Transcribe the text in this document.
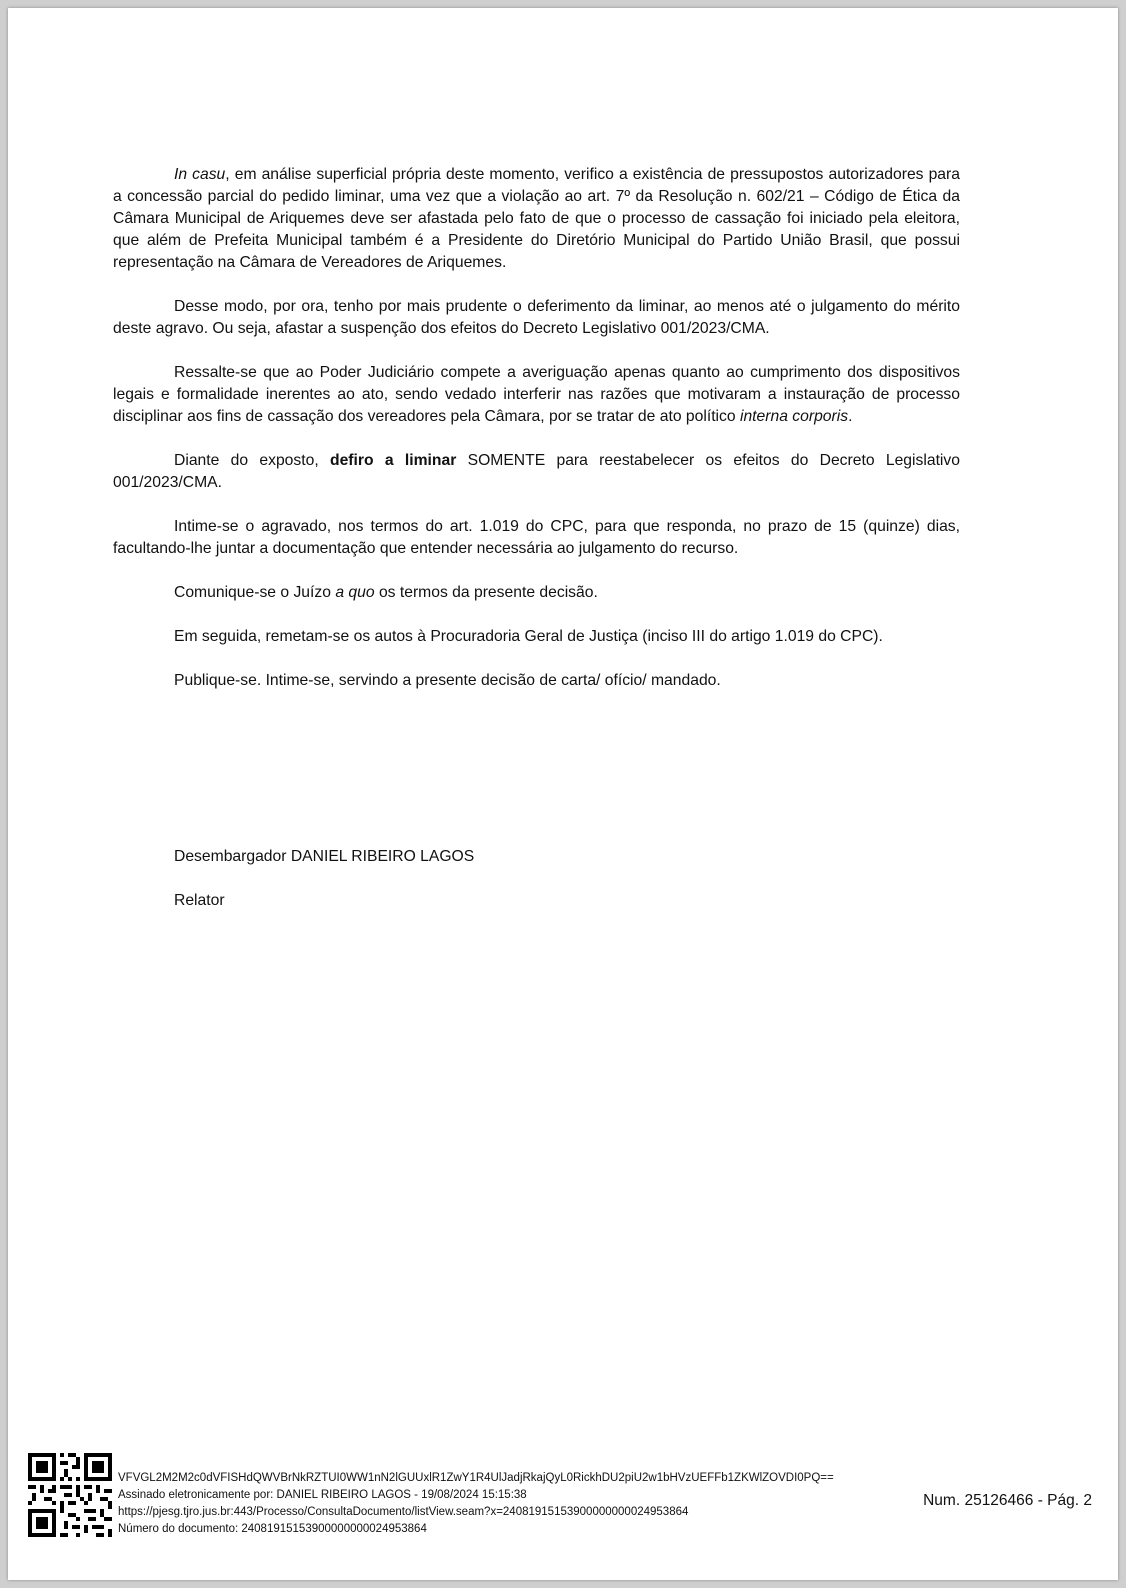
In casu, em análise superficial própria deste momento, verifico a existência de pressupostos autorizadores para a concessão parcial do pedido liminar, uma vez que a violação ao art. 7º da Resolução n. 602/21 – Código de Ética da Câmara Municipal de Ariquemes deve ser afastada pelo fato de que o processo de cassação foi iniciado pela eleitora, que além de Prefeita Municipal também é a Presidente do Diretório Municipal do Partido União Brasil, que possui representação na Câmara de Vereadores de Ariquemes.

Desse modo, por ora, tenho por mais prudente o deferimento da liminar, ao menos até o julgamento do mérito deste agravo. Ou seja, afastar a suspenção dos efeitos do Decreto Legislativo 001/2023/CMA.

Ressalte-se que ao Poder Judiciário compete a averiguação apenas quanto ao cumprimento dos dispositivos legais e formalidade inerentes ao ato, sendo vedado interferir nas razões que motivaram a instauração de processo disciplinar aos fins de cassação dos vereadores pela Câmara, por se tratar de ato político interna corporis.

Diante do exposto, defiro a liminar SOMENTE para reestabelecer os efeitos do Decreto Legislativo 001/2023/CMA.

Intime-se o agravado, nos termos do art. 1.019 do CPC, para que responda, no prazo de 15 (quinze) dias, facultando-lhe juntar a documentação que entender necessária ao julgamento do recurso.

Comunique-se o Juízo a quo os termos da presente decisão.

Em seguida, remetam-se os autos à Procuradoria Geral de Justiça (inciso III do artigo 1.019 do CPC).

Publique-se. Intime-se, servindo a presente decisão de carta/ ofício/ mandado.

Desembargador DANIEL RIBEIRO LAGOS
Relator
VFVGL2M2M2c0dVFISHdQWVBrNkRZTUI0WW1nN2lGUUxlR1ZwY1R4UlJadjRkajQyL0RickhDU2piU2w1bHVzUEFFb1ZKWlZOVDI0PQ==
Assinado eletronicamente por: DANIEL RIBEIRO LAGOS - 19/08/2024 15:15:38
https://pjesg.tjro.jus.br:443/Processo/ConsultaDocumento/listView.seam?x=24081915153900000000024953864
Número do documento: 24081915153900000000024953864
Num. 25126466 - Pág. 2
